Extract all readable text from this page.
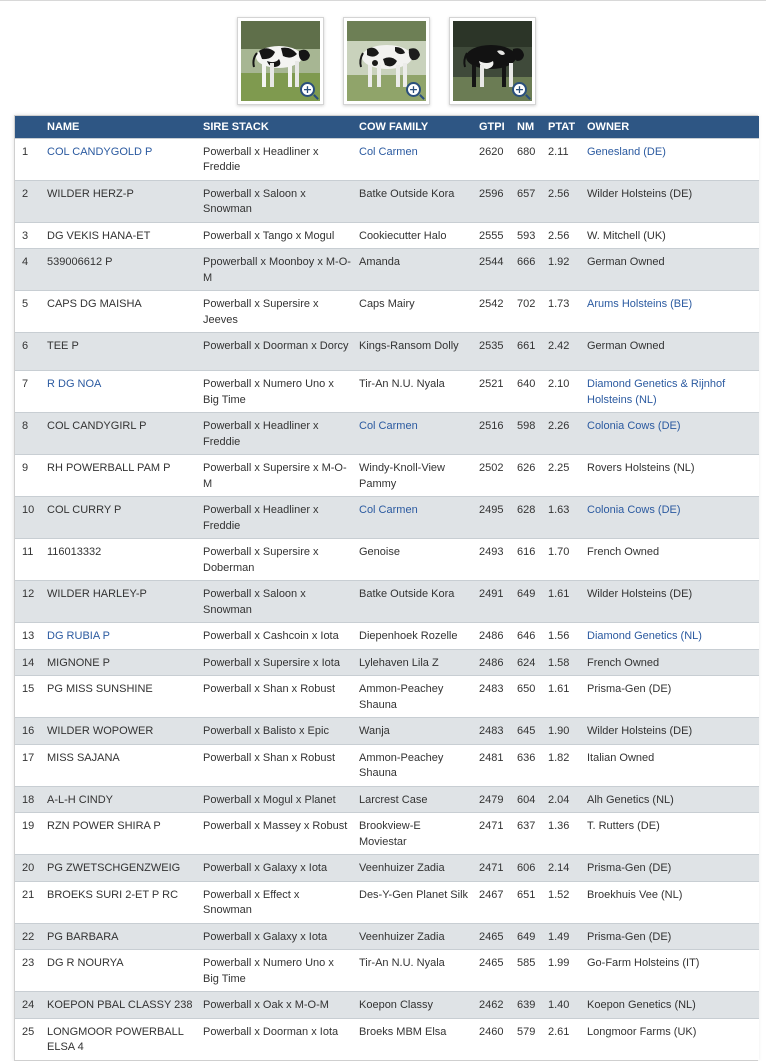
+	+	+
	NAME	SIRE STACK	COW FAMILY	GTPI	NM	PTAT	OWNER
1	COL CANDYGOLD P	Powerball x Headliner x Freddie	Col Carmen	2620	680	2.11	Genesland (DE)
2	WILDER HERZ-P	Powerball x Saloon x Snowman	Batke Outside Kora	2596	657	2.56	Wilder Holsteins (DE)
3	DG VEKIS HANA-ET	Powerball x Tango x Mogul	Cookiecutter Halo	2555	593	2.56	W. Mitchell (UK)
4	539006612 P	Ppowerball x Moonboy x M-O-M	Amanda	2544	666	1.92	German Owned
5	CAPS DG MAISHA	Powerball x Supersire x Jeeves	Caps Mairy	2542	702	1.73	Arums Holsteins (BE)
6	TEE P	Powerball x Doorman x Dorcy	Kings-Ransom Dolly	2535	661	2.42	German Owned
7	R DG NOA	Powerball x Numero Uno x Big Time	Tir-An N.U. Nyala	2521	640	2.10	Diamond Genetics & Rijnhof Holsteins (NL)
8	COL CANDYGIRL P	Powerball x Headliner x Freddie	Col Carmen	2516	598	2.26	Colonia Cows (DE)
9	RH POWERBALL PAM P	Powerball x Supersire x M-O-M	Windy-Knoll-View Pammy	2502	626	2.25	Rovers Holsteins (NL)
10	COL CURRY P	Powerball x Headliner x Freddie	Col Carmen	2495	628	1.63	Colonia Cows (DE)
11	116013332	Powerball x Supersire x Doberman	Genoise	2493	616	1.70	French Owned
12	WILDER HARLEY-P	Powerball x Saloon x Snowman	Batke Outside Kora	2491	649	1.61	Wilder Holsteins (DE)
13	DG RUBIA P	Powerball x Cashcoin x Iota	Diepenhoek Rozelle	2486	646	1.56	Diamond Genetics (NL)
14	MIGNONE P	Powerball x Supersire x Iota	Lylehaven Lila Z	2486	624	1.58	French Owned
15	PG MISS SUNSHINE	Powerball x Shan x Robust	Ammon-Peachey Shauna	2483	650	1.61	Prisma-Gen (DE)
16	WILDER WOPOWER	Powerball x Balisto x Epic	Wanja	2483	645	1.90	Wilder Holsteins (DE)
17	MISS SAJANA	Powerball x Shan x Robust	Ammon-Peachey Shauna	2481	636	1.82	Italian Owned
18	A-L-H CINDY	Powerball x Mogul x Planet	Larcrest Case	2479	604	2.04	Alh Genetics (NL)
19	RZN POWER SHIRA P	Powerball x Massey x Robust	Brookview-E Moviestar	2471	637	1.36	T. Rutters (DE)
20	PG ZWETSCHGENZWEIG	Powerball x Galaxy x Iota	Veenhuizer Zadia	2471	606	2.14	Prisma-Gen (DE)
21	BROEKS SURI 2-ET P RC	Powerball x Effect x Snowman	Des-Y-Gen Planet Silk	2467	651	1.52	Broekhuis Vee (NL)
22	PG BARBARA	Powerball x Galaxy x Iota	Veenhuizer Zadia	2465	649	1.49	Prisma-Gen (DE)
23	DG R NOURYA	Powerball x Numero Uno x Big Time	Tir-An N.U. Nyala	2465	585	1.99	Go-Farm Holsteins (IT)
24	KOEPON PBAL CLASSY 238	Powerball x Oak x M-O-M	Koepon Classy	2462	639	1.40	Koepon Genetics (NL)
25	LONGMOOR POWERBALL ELSA 4	Powerball x Doorman x Iota	Broeks MBM Elsa	2460	579	2.61	Longmoor Farms (UK)
